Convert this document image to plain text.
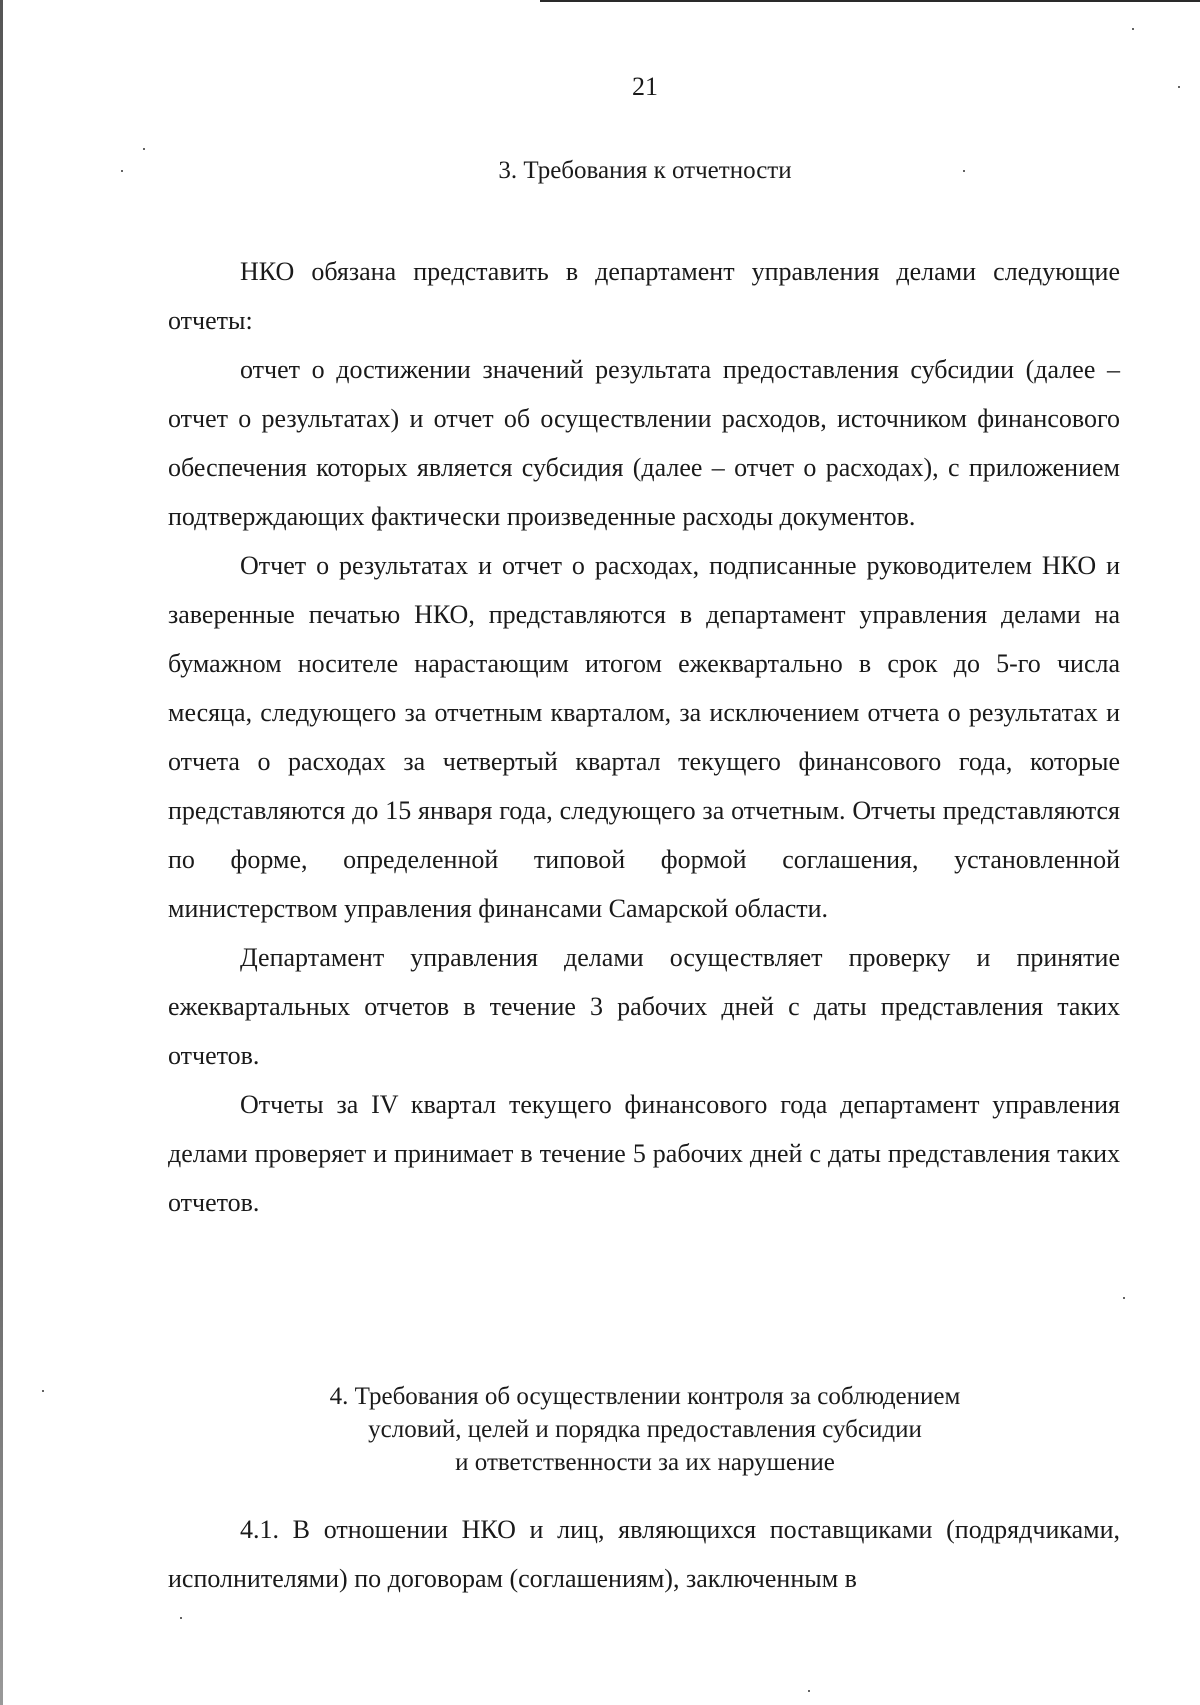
21
3. Требования к отчетности

НКО обязана представить в департамент управления делами следующие отчеты:

отчет о достижении значений результата предоставления субсидии (далее – отчет о результатах) и отчет об осуществлении расходов, источником финансового обеспечения которых является субсидия (далее – отчет о расходах), с приложением подтверждающих фактически произведенные расходы документов.

Отчет о результатах и отчет о расходах, подписанные руководителем НКО и заверенные печатью НКО, представляются в департамент управления делами на бумажном носителе нарастающим итогом ежеквартально в срок до 5-го числа месяца, следующего за отчетным кварталом, за исключением отчета о результатах и отчета о расходах за четвертый квартал текущего финансового года, которые представляются до 15 января года, следующего за отчетным. Отчеты представляются по форме, определенной типовой формой соглашения, установленной министерством управления финансами Самарской области.

Департамент управления делами осуществляет проверку и принятие ежеквартальных отчетов в течение 3 рабочих дней с даты представления таких отчетов.

Отчеты за IV квартал текущего финансового года департамент управления делами проверяет и принимает в течение 5 рабочих дней с даты представления таких отчетов.

4. Требования об осуществлении контроля за соблюдением
условий, целей и порядка предоставления субсидии
и ответственности за их нарушение

4.1. В отношении НКО и лиц, являющихся поставщиками (подрядчиками, исполнителями) по договорам (соглашениям), заключенным в
